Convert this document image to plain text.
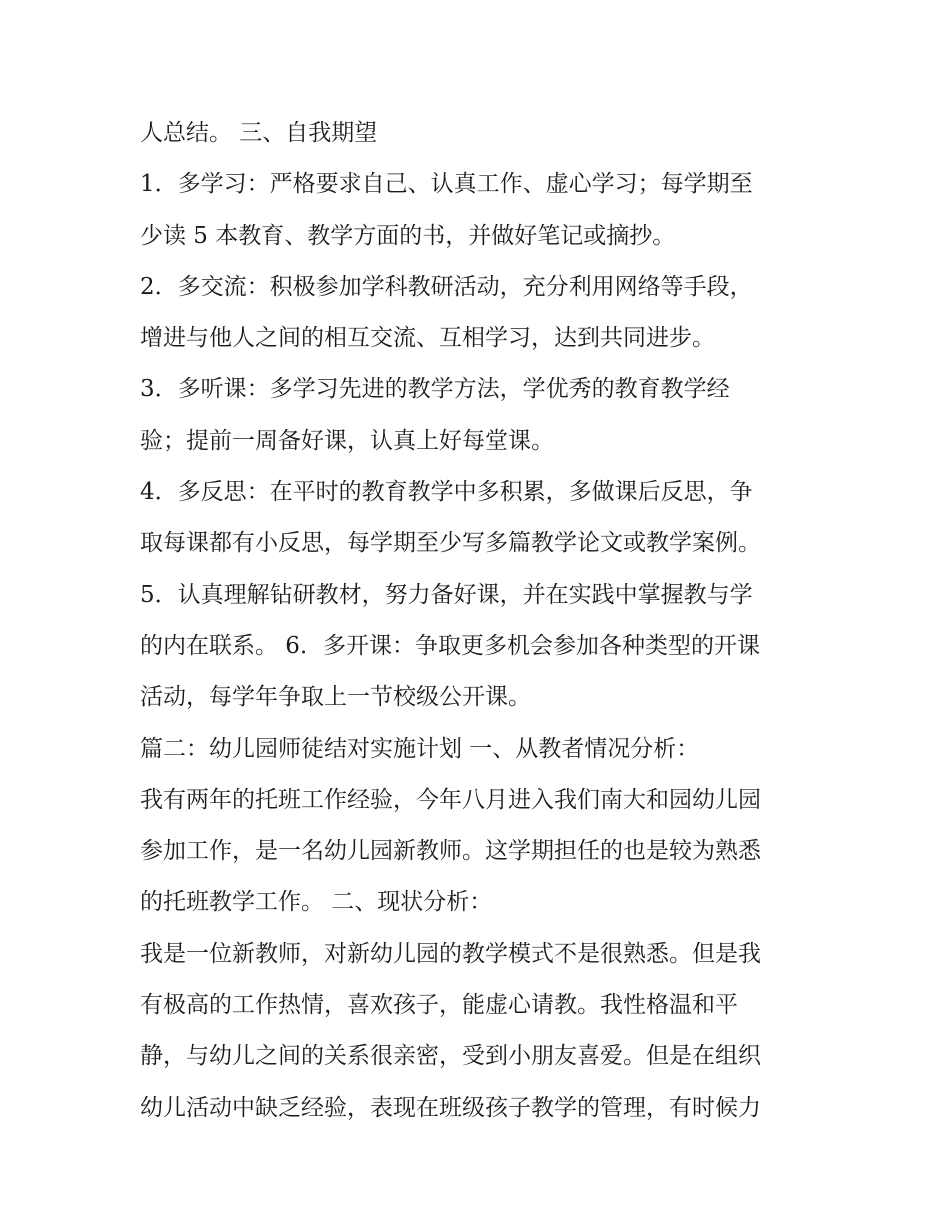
人总结。 三、自我期望
1．多学习：严格要求自己、认真工作、虚心学习；每学期至
少读 5 本教育、教学方面的书，并做好笔记或摘抄。
2．多交流：积极参加学科教研活动，充分利用网络等手段，
增进与他人之间的相互交流、互相学习，达到共同进步。
3．多听课：多学习先进的教学方法，学优秀的教育教学经
验；提前一周备好课，认真上好每堂课。
4．多反思：在平时的教育教学中多积累，多做课后反思，争
取每课都有小反思，每学期至少写多篇教学论文或教学案例。
5．认真理解钻研教材，努力备好课，并在实践中掌握教与学
的内在联系。 6．多开课：争取更多机会参加各种类型的开课
活动，每学年争取上一节校级公开课。
篇二：幼儿园师徒结对实施计划 一、从教者情况分析：
我有两年的托班工作经验，今年八月进入我们南大和园幼儿园
参加工作，是一名幼儿园新教师。这学期担任的也是较为熟悉
的托班教学工作。 二、现状分析：
我是一位新教师，对新幼儿园的教学模式不是很熟悉。但是我
有极高的工作热情，喜欢孩子，能虚心请教。我性格温和平
静，与幼儿之间的关系很亲密，受到小朋友喜爱。但是在组织
幼儿活动中缺乏经验，表现在班级孩子教学的管理，有时候力
